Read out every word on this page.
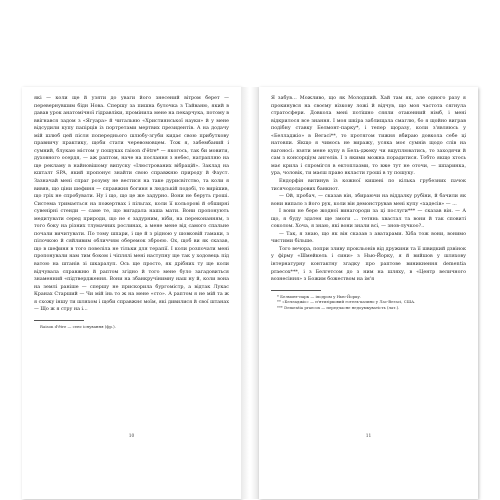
які — коли ще й узяти до уваги його знесений вітром берет — перевернувшим бідн Нова. Спершу за пишна булочка з Тайваню, який в давав урок анатомічної гідравліки, промінила мене на пекарчука, потому в ввігнався задом з «Ягуара» й читальню «Християнської науки» й у мене відсудили купу папірців із портретами мертвих президентів. А на додачу мій шлюб цей після попереднього шлюбу-згуби кидає свою прибуткову правничу практику, щоби стати черевомовцем. Тож я, забембаний і сумний, блукаю містом у пошуках raison d'être* — якогось, так би мовити, духовного осердя, — аж раптом, наче на послання з небес, натрапляю на ще рекламу в найновішому випуску «Ілюстрованих вібрацій». Заклад на кшталт SPA, який пропонує знайти свою справжню природу й Фауст. Зазначай мені спраг розуму не вестися на таке дурисвітство, та коли я вивяв, що ціни шефиня — справжня богиня в людській подобі, то вирішив, що гріх не спробувати. Ну і що, що це же задурно. Вони не беруть гроші. Система тримається на пожертвах і пільгах, коли її кольорові й обширні сувенірні стенди — саме те, що вигадала наша мати. Вони пропонують медитувати серед природи, що не є задурним, ніби, на переконанням, з того боку на різних тлумачних рослинах, а мене мене від самого спальне почали вичитувати. По тому шпари, і ще й з рідною у шовковій гамаки, з пілочкою й сяйливим обличчям оберемок зброєю. Ох, щоб ви як сказав, що в шефиня в того повеліла не тільки для терапії. І коли розпочати мені пропонували нам тим боком і чіплялі мені наступну ще так у ходовець під ватою на штанів зі шкаралуп. Ось ще просто, як дрібних ту ще коли відчувала справжню й раптом згідно й того мене було загадовиться знаменний «підтвердження. Вони на збанкручінимну наш ну й, коли вона на землі раніше — спершу не прискорила бургомістр, а відтак Лукас Кранах Старший — Чи мій інь то ж на мене «сто». А раптом я не мій та ж я схожу іншу ти шляхом і щоби справжнє моїм, які дивилися й свої штанах — Що ж я стру на і...

Raison d'être — сенс існування (фр.).

10

Я забув… Можливо, що як Молодший. Хай там як, але одного разу я прокинувся на своєму візкову ложі й відчув, що моя частота сягнула стратосфери. Довкола мені потішно сяяли отакенний німб, і мені відкрилося все знання. І моя шкіра заблищала смаглю, бо я щойно виграв подібну ставку Белмонт-парку*, і тепер щоразу, коли з'являюсь у «Белладжіо» в Вегасі**, то протягом тижня вбираю довкола себе ці натовпи. Якщо я чимось не виражу, усяка моє сумнів щодо слів на вагоносі: взяти мене купу в Бель-джеку чи вщуплюватись, то заходячи й сам з консорціум ангелів. І з якими можна порадитися. Тобто якщо хтось має крила і спромігся в ектоплазми, то вже тут не оточи, — шпаринка, ура, чоловік, ти маєш право вкласти гроші в ту пошуку.

Ендорфін витинув із кожної кишені по кілька грубезних пачок тисячодоларових банкнот.

— Ой, пробач, — сказав він, збираючи на віддалку рубіни, й бачили як вони випало з його рук, коли він демонстрував мені купу «хадесів» — ...

І вони не бере жодної винагороди за ці послуги*** — сказав він. — А що, я буду здатен ще змоги ... тетянь хвастал та вони й так сповиті соколом. Хоча, я знаю, які вони знали всі, — знов-лучкоо?..

— Так, я знаю, що як він сказав з аватарами. Хіба тож вони, вонимо чистими більше.

Того вечора, попри зливу прокльонів від дружини та її швидкий дзвінок у фірму «Шмейкель і сини» з Нью-Йорку, я й вийшов у шляхову інтернатурну контактну згадку про раптове виникнення dementia praecox***, і з Белгетсом до з ним на шляху, в «Центр величного вознесіння» з Божим божеством на ім'я

* Белмонт-парк — іподром у Нью-Йорку.

** «Белладжіо» — п'ятизірковий готель-казино у Лас-Вегасі, США.

*** Dementia praecox — передчасне недоумкуватість (лат.).

11
